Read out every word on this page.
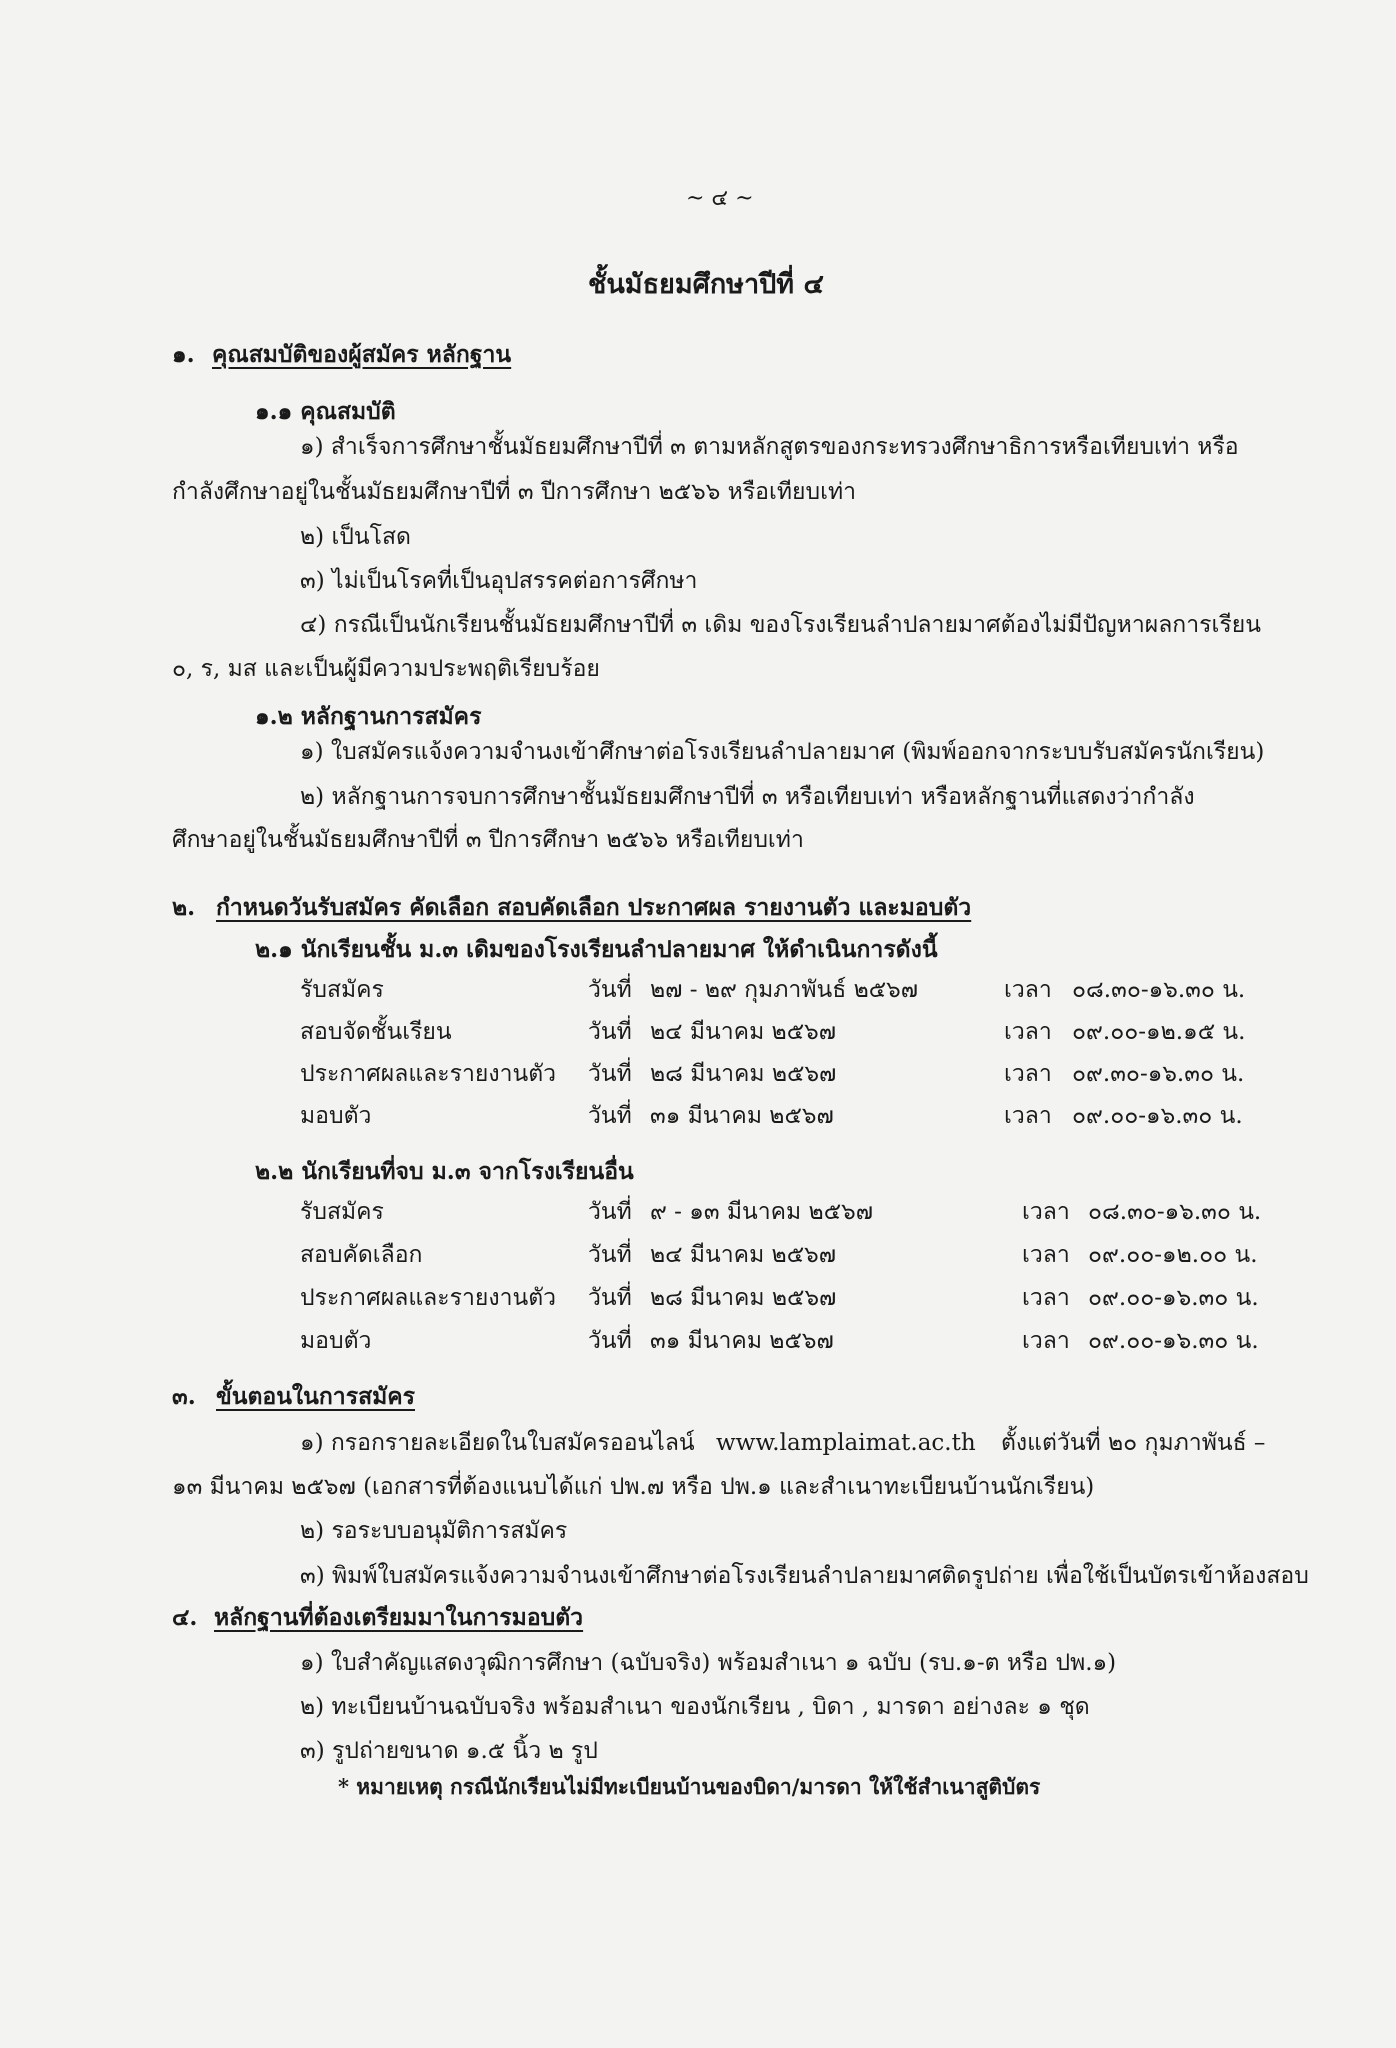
~ ๔ ~
ชั้นมัธยมศึกษาปีที่ ๔
๑. คุณสมบัติของผู้สมัคร หลักฐาน
๑.๑ คุณสมบัติ
๑) สำเร็จการศึกษาชั้นมัธยมศึกษาปีที่ ๓ ตามหลักสูตรของกระทรวงศึกษาธิการหรือเทียบเท่า หรือ
กำลังศึกษาอยู่ในชั้นมัธยมศึกษาปีที่ ๓ ปีการศึกษา ๒๕๖๖ หรือเทียบเท่า
๒) เป็นโสด
๓) ไม่เป็นโรคที่เป็นอุปสรรคต่อการศึกษา
๔) กรณีเป็นนักเรียนชั้นมัธยมศึกษาปีที่ ๓ เดิม ของโรงเรียนลำปลายมาศต้องไม่มีปัญหาผลการเรียน
๐, ร, มส และเป็นผู้มีความประพฤติเรียบร้อย
๑.๒ หลักฐานการสมัคร
๑) ใบสมัครแจ้งความจำนงเข้าศึกษาต่อโรงเรียนลำปลายมาศ (พิมพ์ออกจากระบบรับสมัครนักเรียน)
๒) หลักฐานการจบการศึกษาชั้นมัธยมศึกษาปีที่ ๓ หรือเทียบเท่า หรือหลักฐานที่แสดงว่ากำลัง
ศึกษาอยู่ในชั้นมัธยมศึกษาปีที่ ๓ ปีการศึกษา ๒๕๖๖ หรือเทียบเท่า
๒. กำหนดวันรับสมัคร คัดเลือก สอบคัดเลือก ประกาศผล รายงานตัว และมอบตัว
๒.๑ นักเรียนชั้น ม.๓ เดิมของโรงเรียนลำปลายมาศ ให้ดำเนินการดังนี้
รับสมัคร	วันที่ ๒๗ - ๒๙ กุมภาพันธ์ ๒๕๖๗	เวลา ๐๘.๓๐-๑๖.๓๐ น.
สอบจัดชั้นเรียน	วันที่ ๒๔ มีนาคม ๒๕๖๗	เวลา ๐๙.๐๐-๑๒.๑๕ น.
ประกาศผลและรายงานตัว วันที่ ๒๘ มีนาคม ๒๕๖๗	เวลา ๐๙.๓๐-๑๖.๓๐ น.
มอบตัว	วันที่ ๓๑ มีนาคม ๒๕๖๗	เวลา ๐๙.๐๐-๑๖.๓๐ น.
๒.๒ นักเรียนที่จบ ม.๓ จากโรงเรียนอื่น
รับสมัคร	วันที่ ๙ - ๑๓ มีนาคม ๒๕๖๗	เวลา ๐๘.๓๐-๑๖.๓๐ น.
สอบคัดเลือก	วันที่ ๒๔ มีนาคม ๒๕๖๗	เวลา ๐๙.๐๐-๑๒.๐๐ น.
ประกาศผลและรายงานตัว วันที่ ๒๘ มีนาคม ๒๕๖๗	เวลา ๐๙.๐๐-๑๖.๓๐ น.
มอบตัว	วันที่ ๓๑ มีนาคม ๒๕๖๗	เวลา ๐๙.๐๐-๑๖.๓๐ น.
๓. ขั้นตอนในการสมัคร
๑) กรอกรายละเอียดในใบสมัครออนไลน์ www.lamplaimat.ac.th ตั้งแต่วันที่ ๒๐ กุมภาพันธ์ –
๑๓ มีนาคม ๒๕๖๗ (เอกสารที่ต้องแนบได้แก่ ปพ.๗ หรือ ปพ.๑ และสำเนาทะเบียนบ้านนักเรียน)
๒) รอระบบอนุมัติการสมัคร
๓) พิมพ์ใบสมัครแจ้งความจำนงเข้าศึกษาต่อโรงเรียนลำปลายมาศติดรูปถ่าย เพื่อใช้เป็นบัตรเข้าห้องสอบ
๔. หลักฐานที่ต้องเตรียมมาในการมอบตัว
๑) ใบสำคัญแสดงวุฒิการศึกษา (ฉบับจริง) พร้อมสำเนา ๑ ฉบับ (รบ.๑-ต หรือ ปพ.๑)
๒) ทะเบียนบ้านฉบับจริง พร้อมสำเนา ของนักเรียน , บิดา , มารดา อย่างละ ๑ ชุด
๓) รูปถ่ายขนาด ๑.๕ นิ้ว ๒ รูป
* หมายเหตุ กรณีนักเรียนไม่มีทะเบียนบ้านของบิดา/มารดา ให้ใช้สำเนาสูติบัตร
